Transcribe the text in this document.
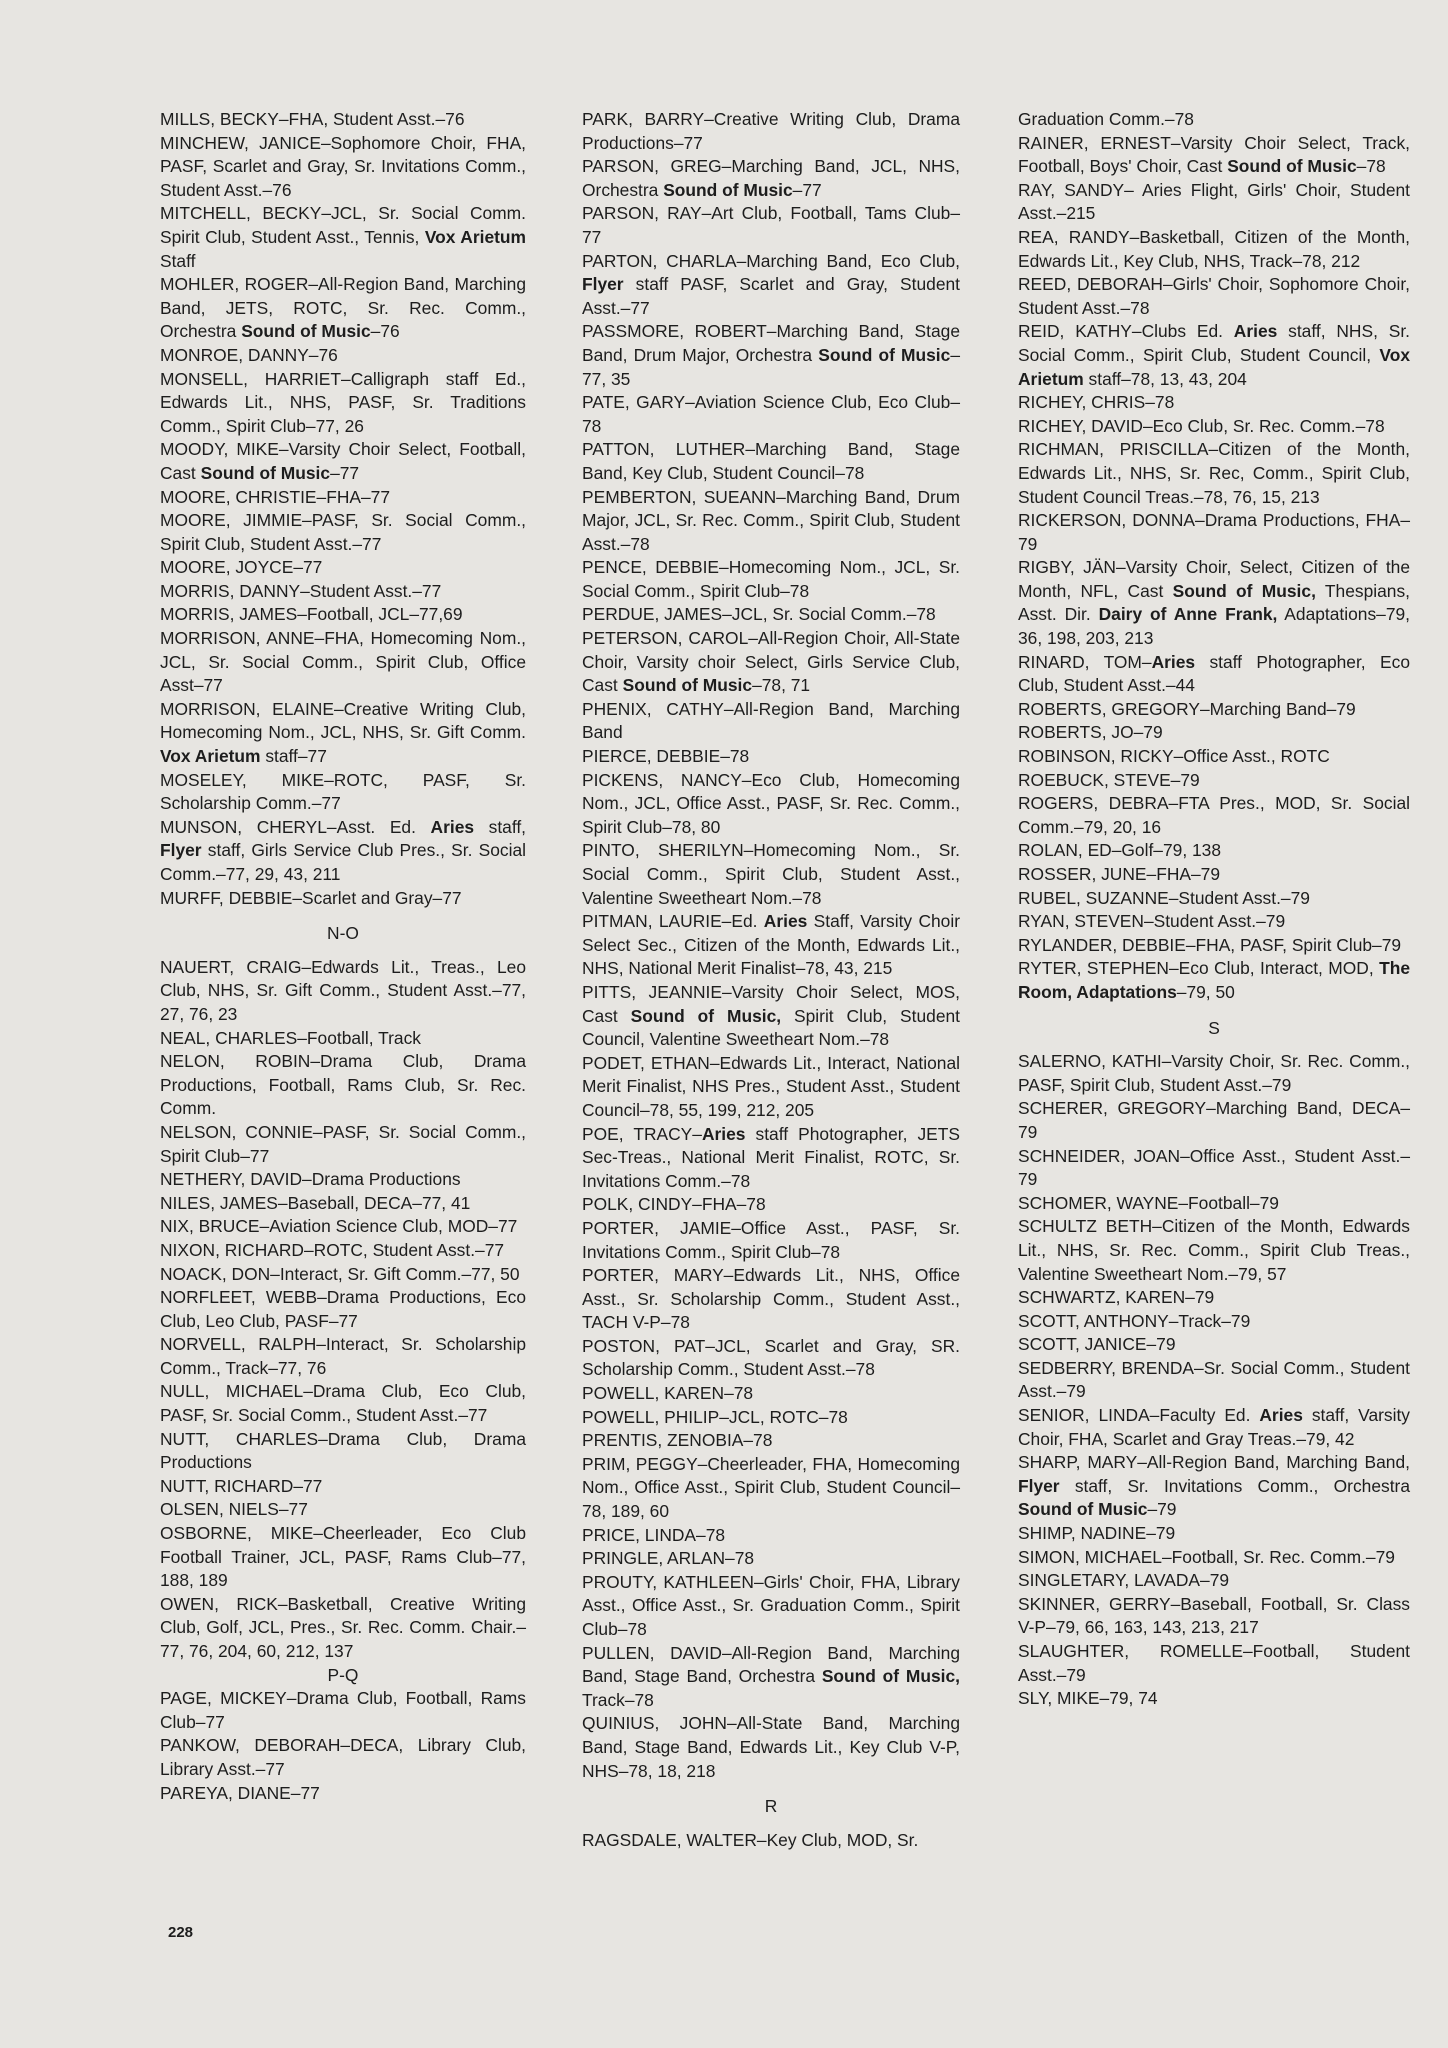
MILLS, BECKY–FHA, Student Asst.–76

MINCHEW, JANICE–Sophomore Choir, FHA, PASF, Scarlet and Gray, Sr. Invitations Comm., Student Asst.–76

MITCHELL, BECKY–JCL, Sr. Social Comm. Spirit Club, Student Asst., Tennis, Vox Arietum Staff

MOHLER, ROGER–All-Region Band, Marching Band, JETS, ROTC, Sr. Rec. Comm., Orchestra Sound of Music–76

MONROE, DANNY–76

MONSELL, HARRIET–Calligraph staff Ed., Edwards Lit., NHS, PASF, Sr. Traditions Comm., Spirit Club–77, 26

MOODY, MIKE–Varsity Choir Select, Football, Cast Sound of Music–77

MOORE, CHRISTIE–FHA–77

MOORE, JIMMIE–PASF, Sr. Social Comm., Spirit Club, Student Asst.–77

MOORE, JOYCE–77

MORRIS, DANNY–Student Asst.–77

MORRIS, JAMES–Football, JCL–77,69

MORRISON, ANNE–FHA, Homecoming Nom., JCL, Sr. Social Comm., Spirit Club, Office Asst–77

MORRISON, ELAINE–Creative Writing Club, Homecoming Nom., JCL, NHS, Sr. Gift Comm. Vox Arietum staff–77

MOSELEY, MIKE–ROTC, PASF, Sr. Scholarship Comm.–77

MUNSON, CHERYL–Asst. Ed. Aries staff, Flyer staff, Girls Service Club Pres., Sr. Social Comm.–77, 29, 43, 211

MURFF, DEBBIE–Scarlet and Gray–77

N-O

NAUERT, CRAIG–Edwards Lit., Treas., Leo Club, NHS, Sr. Gift Comm., Student Asst.–77, 27, 76, 23

NEAL, CHARLES–Football, Track

NELON, ROBIN–Drama Club, Drama Productions, Football, Rams Club, Sr. Rec. Comm.

NELSON, CONNIE–PASF, Sr. Social Comm., Spirit Club–77

NETHERY, DAVID–Drama Productions

NILES, JAMES–Baseball, DECA–77, 41

NIX, BRUCE–Aviation Science Club, MOD–77

NIXON, RICHARD–ROTC, Student Asst.–77

NOACK, DON–Interact, Sr. Gift Comm.–77, 50

NORFLEET, WEBB–Drama Productions, Eco Club, Leo Club, PASF–77

NORVELL, RALPH–Interact, Sr. Scholarship Comm., Track–77, 76

NULL, MICHAEL–Drama Club, Eco Club, PASF, Sr. Social Comm., Student Asst.–77

NUTT, CHARLES–Drama Club, Drama Productions

NUTT, RICHARD–77

OLSEN, NIELS–77

OSBORNE, MIKE–Cheerleader, Eco Club Football Trainer, JCL, PASF, Rams Club–77, 188, 189

OWEN, RICK–Basketball, Creative Writing Club, Golf, JCL, Pres., Sr. Rec. Comm. Chair.–77, 76, 204, 60, 212, 137

P-Q

PAGE, MICKEY–Drama Club, Football, Rams Club–77

PANKOW, DEBORAH–DECA, Library Club, Library Asst.–77

PAREYA, DIANE–77

PARK, BARRY–Creative Writing Club, Drama Productions–77

PARSON, GREG–Marching Band, JCL, NHS, Orchestra Sound of Music–77

PARSON, RAY–Art Club, Football, Tams Club–77

PARTON, CHARLA–Marching Band, Eco Club, Flyer staff PASF, Scarlet and Gray, Student Asst.–77

PASSMORE, ROBERT–Marching Band, Stage Band, Drum Major, Orchestra Sound of Music–77, 35

PATE, GARY–Aviation Science Club, Eco Club–78

PATTON, LUTHER–Marching Band, Stage Band, Key Club, Student Council–78

PEMBERTON, SUEANN–Marching Band, Drum Major, JCL, Sr. Rec. Comm., Spirit Club, Student Asst.–78

PENCE, DEBBIE–Homecoming Nom., JCL, Sr. Social Comm., Spirit Club–78

PERDUE, JAMES–JCL, Sr. Social Comm.–78

PETERSON, CAROL–All-Region Choir, All-State Choir, Varsity choir Select, Girls Service Club, Cast Sound of Music–78, 71

PHENIX, CATHY–All-Region Band, Marching Band

PIERCE, DEBBIE–78

PICKENS, NANCY–Eco Club, Homecoming Nom., JCL, Office Asst., PASF, Sr. Rec. Comm., Spirit Club–78, 80

PINTO, SHERILYN–Homecoming Nom., Sr. Social Comm., Spirit Club, Student Asst., Valentine Sweetheart Nom.–78

PITMAN, LAURIE–Ed. Aries Staff, Varsity Choir Select Sec., Citizen of the Month, Edwards Lit., NHS, National Merit Finalist–78, 43, 215

PITTS, JEANNIE–Varsity Choir Select, MOS, Cast Sound of Music, Spirit Club, Student Council, Valentine Sweetheart Nom.–78

PODET, ETHAN–Edwards Lit., Interact, National Merit Finalist, NHS Pres., Student Asst., Student Council–78, 55, 199, 212, 205

POE, TRACY–Aries staff Photographer, JETS Sec-Treas., National Merit Finalist, ROTC, Sr. Invitations Comm.–78

POLK, CINDY–FHA–78

PORTER, JAMIE–Office Asst., PASF, Sr. Invitations Comm., Spirit Club–78

PORTER, MARY–Edwards Lit., NHS, Office Asst., Sr. Scholarship Comm., Student Asst., TACH V-P–78

POSTON, PAT–JCL, Scarlet and Gray, SR. Scholarship Comm., Student Asst.–78

POWELL, KAREN–78

POWELL, PHILIP–JCL, ROTC–78

PRENTIS, ZENOBIA–78

PRIM, PEGGY–Cheerleader, FHA, Homecoming Nom., Office Asst., Spirit Club, Student Council–78, 189, 60

PRICE, LINDA–78

PRINGLE, ARLAN–78

PROUTY, KATHLEEN–Girls' Choir, FHA, Library Asst., Office Asst., Sr. Graduation Comm., Spirit Club–78

PULLEN, DAVID–All-Region Band, Marching Band, Stage Band, Orchestra Sound of Music, Track–78

QUINIUS, JOHN–All-State Band, Marching Band, Stage Band, Edwards Lit., Key Club V-P, NHS–78, 18, 218

R

RAGSDALE, WALTER–Key Club, MOD, Sr.

Graduation Comm.–78

RAINER, ERNEST–Varsity Choir Select, Track, Football, Boys' Choir, Cast Sound of Music–78

RAY, SANDY– Aries Flight, Girls' Choir, Student Asst.–215

REA, RANDY–Basketball, Citizen of the Month, Edwards Lit., Key Club, NHS, Track–78, 212

REED, DEBORAH–Girls' Choir, Sophomore Choir, Student Asst.–78

REID, KATHY–Clubs Ed. Aries staff, NHS, Sr. Social Comm., Spirit Club, Student Council, Vox Arietum staff–78, 13, 43, 204

RICHEY, CHRIS–78

RICHEY, DAVID–Eco Club, Sr. Rec. Comm.–78

RICHMAN, PRISCILLA–Citizen of the Month, Edwards Lit., NHS, Sr. Rec, Comm., Spirit Club, Student Council Treas.–78, 76, 15, 213

RICKERSON, DONNA–Drama Productions, FHA–79

RIGBY, JÄN–Varsity Choir, Select, Citizen of the Month, NFL, Cast Sound of Music, Thespians, Asst. Dir. Dairy of Anne Frank, Adaptations–79, 36, 198, 203, 213

RINARD, TOM–Aries staff Photographer, Eco Club, Student Asst.–44

ROBERTS, GREGORY–Marching Band–79

ROBERTS, JO–79

ROBINSON, RICKY–Office Asst., ROTC

ROEBUCK, STEVE–79

ROGERS, DEBRA–FTA Pres., MOD, Sr. Social Comm.–79, 20, 16

ROLAN, ED–Golf–79, 138

ROSSER, JUNE–FHA–79

RUBEL, SUZANNE–Student Asst.–79

RYAN, STEVEN–Student Asst.–79

RYLANDER, DEBBIE–FHA, PASF, Spirit Club–79

RYTER, STEPHEN–Eco Club, Interact, MOD, The Room, Adaptations–79, 50

S

SALERNO, KATHI–Varsity Choir, Sr. Rec. Comm., PASF, Spirit Club, Student Asst.–79

SCHERER, GREGORY–Marching Band, DECA–79

SCHNEIDER, JOAN–Office Asst., Student Asst.–79

SCHOMER, WAYNE–Football–79

SCHULTZ BETH–Citizen of the Month, Edwards Lit., NHS, Sr. Rec. Comm., Spirit Club Treas., Valentine Sweetheart Nom.–79, 57

SCHWARTZ, KAREN–79

SCOTT, ANTHONY–Track–79

SCOTT, JANICE–79

SEDBERRY, BRENDA–Sr. Social Comm., Student Asst.–79

SENIOR, LINDA–Faculty Ed. Aries staff, Varsity Choir, FHA, Scarlet and Gray Treas.–79, 42

SHARP, MARY–All-Region Band, Marching Band, Flyer staff, Sr. Invitations Comm., Orchestra Sound of Music–79

SHIMP, NADINE–79

SIMON, MICHAEL–Football, Sr. Rec. Comm.–79

SINGLETARY, LAVADA–79

SKINNER, GERRY–Baseball, Football, Sr. Class V-P–79, 66, 163, 143, 213, 217

SLAUGHTER, ROMELLE–Football, Student Asst.–79

SLY, MIKE–79, 74

228
